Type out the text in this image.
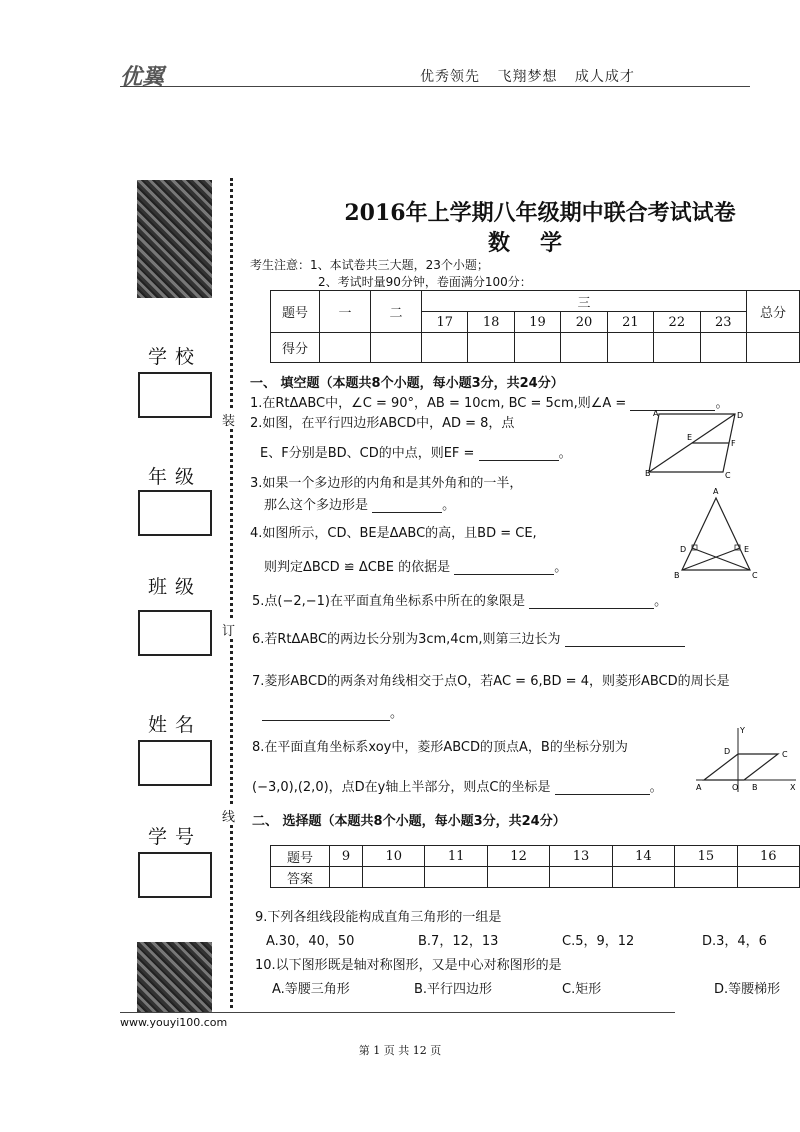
优翼	优秀领先 飞翔梦想 成人成才
学校
年级
班级
姓名
学号
装
订
线
2016年上学期八年级期中联合考试试卷
数学
考生注意：1、本试卷共三大题，23个小题；
2、考试时量90分钟，卷面满分100分：
题号	一	二	三							总分
			17	18	19	20	21	22	23	
得分										
一、 填空题（本题共8个小题，每小题3分，共24分）
1.在RtΔABC中，∠C = 90°，AB = 10cm, BC = 5cm,则∠A =	。
2.如图，在平行四边形ABCD中，AD = 8，点
E、F分别是BD、CD的中点，则EF =	。
A	D
E
F
B	C
3.如果一个多边形的内角和是其外角和的一半，
那么这个多边形是	。
4.如图所示，CD、BE是ΔABC的高，且BD = CE,
则判定ΔBCD ≌ ΔCBE 的依据是	。
A
D	E
B	C
5.点(−2,−1)在平面直角坐标系中所在的象限是	。
6.若RtΔABC的两边长分别为3cm,4cm,则第三边长为
7.菱形ABCD的两条对角线相交于点O，若AC = 6,BD = 4，则菱形ABCD的周长是
。
8.在平面直角坐标系xoy中，菱形ABCD的顶点A，B的坐标分别为
(−3,0),(2,0)，点D在y轴上半部分，则点C的坐标是	。
Y
D	C
A	O B	X
二、 选择题（本题共8个小题，每小题3分，共24分）
题号	9	10	11	12	13	14	15	16
答案								
9.下列各组线段能构成直角三角形的一组是
A.30，40，50	B.7，12，13	C.5，9，12	D.3，4，6
10.以下图形既是轴对称图形，又是中心对称图形的是
A.等腰三角形	B.平行四边形	C.矩形	D.等腰梯形
www.youyi100.com
第 1 页 共 12 页
